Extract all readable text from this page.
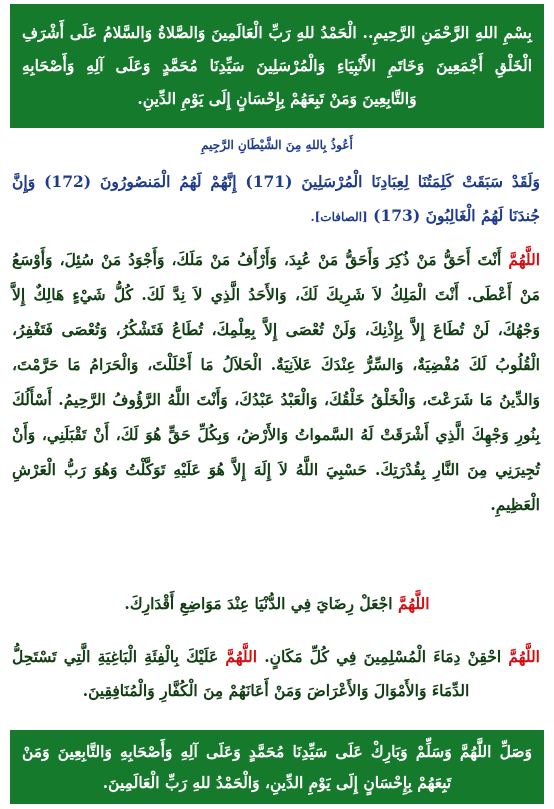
بِسْمِ اللهِ الرَّحْمَنِ الرَّحِيمِ.. الْحَمْدُ للهِ رَبِّ الْعَالَمِينَ وَالصَّلاةُ وَالسَّلامُ عَلَى أَشْرَفِ الْخَلْقِ أَجْمَعِينَ وَخَاتَمِ الأَنْبِيَاءِ وَالْمُرْسَلِينَ سَيِّدِنَا مُحَمَّدٍ وَعَلَى آلِهِ وَأَصْحَابِهِ وَالتَّابِعِينَ وَمَنْ تَبِعَهُمْ بِإِحْسَانٍ إِلَى يَوْمِ الدِّينِ.
أَعُوذُ بِاللهِ مِنَ الشَّيْطَانِ الرَّجِيمِ
وَلَقَدْ سَبَقَتْ كَلِمَتُنَا لِعِبَادِنَا الْمُرْسَلِينَ (171) إِنَّهُمْ لَهُمُ الْمَنصُورُونَ (172) وَإِنَّ جُندَنَا لَهُمُ الْغَالِبُونَ (173) [الصافات].
اللَّهُمَّ أَنْتَ أَحَقُّ مَنْ ذُكِرَ وَأَحَقُّ مَنْ عُبِدَ، وَأَرْأَفُ مَنْ مَلَكَ، وَأَجْوَدُ مَنْ سُئِلَ، وَأَوْسَعُ مَنْ أَعْطَى. أَنْتَ الْمَلِكُ لاَ شَرِيكَ لَكَ، وَالأَحَدُ الَّذِي لاَ نِدَّ لَكَ. كُلُّ شَيْءٍ هَالِكٌ إِلاَّ وَجْهُكَ، لَنْ تُطَاعَ إِلاَّ بِإِذْنِكَ، وَلَنْ تُعْصَى إِلاَّ بِعِلْمِكَ، تُطَاعُ فَتَشْكُرُ، وَتُعْصَى فَتَغْفِرُ، الْقُلُوبُ لَكَ مُفْضِيَةٌ، وَالسِّرُّ عِنْدَكَ عَلاَنِيَةٌ. الْحَلاَلُ مَا أَحْلَلْتَ، وَالْحَرَامُ مَا حَرَّمْتَ، وَالدِّينُ مَا شَرَعْتَ، وَالْخَلْقُ خَلْقُكَ، وَالْعَبْدُ عَبْدُكَ، وَأَنْتَ اللَّهُ الرَّؤُوفُ الرَّحِيمُ. أَسْأَلُكَ بِنُورِ وَجْهِكَ الَّذِي أَشْرَقَتْ لَهُ السَّمواتُ وَالأَرْضُ، وَبِكُلِّ حَقٍّ هُوَ لَكَ، أَنْ تَقْبَلَنِي، وَأَنْ تُجِيرَنِي مِنَ النَّارِ بِقُدْرَتِكَ. حَسْبِيَ اللَّهُ لاَ إِلَهَ إِلاَّ هُوَ عَلَيْهِ تَوَكَّلْتُ وَهُوَ رَبُّ الْعَرْشِ الْعَظِيمِ.
اللَّهُمَّ اجْعَلْ رِضَايَ فِي الدُّنْيَا عِنْدَ مَوَاضِعِ أَقْدَارِكَ.
اللَّهُمَّ احْقِنْ دِمَاءَ الْمُسْلِمِينَ فِي كُلِّ مَكَانٍ. اللَّهُمَّ عَلَيْكَ بِالْفِئَةِ الْبَاغِيَةِ الَّتِي تَسْتَحِلُّ الدِّمَاءَ وَالأَمْوَالَ وَالأَعْرَاضَ وَمَنْ أَعَانَهُمْ مِنَ الْكُفَّارِ وَالْمُنَافِقِينَ.
وَصَلِّ اللَّهُمَّ وَسَلِّمْ وَبَارِكْ عَلَى سَيِّدِنَا مُحَمَّدٍ وَعَلَى آلِهِ وَأَصْحَابِهِ وَالتَّابِعِينَ وَمَنْ تَبِعَهُمْ بِإِحْسَانٍ إِلَى يَوْمِ الدِّينِ، وَالْحَمْدُ للهِ رَبِّ الْعَالَمِينَ.
